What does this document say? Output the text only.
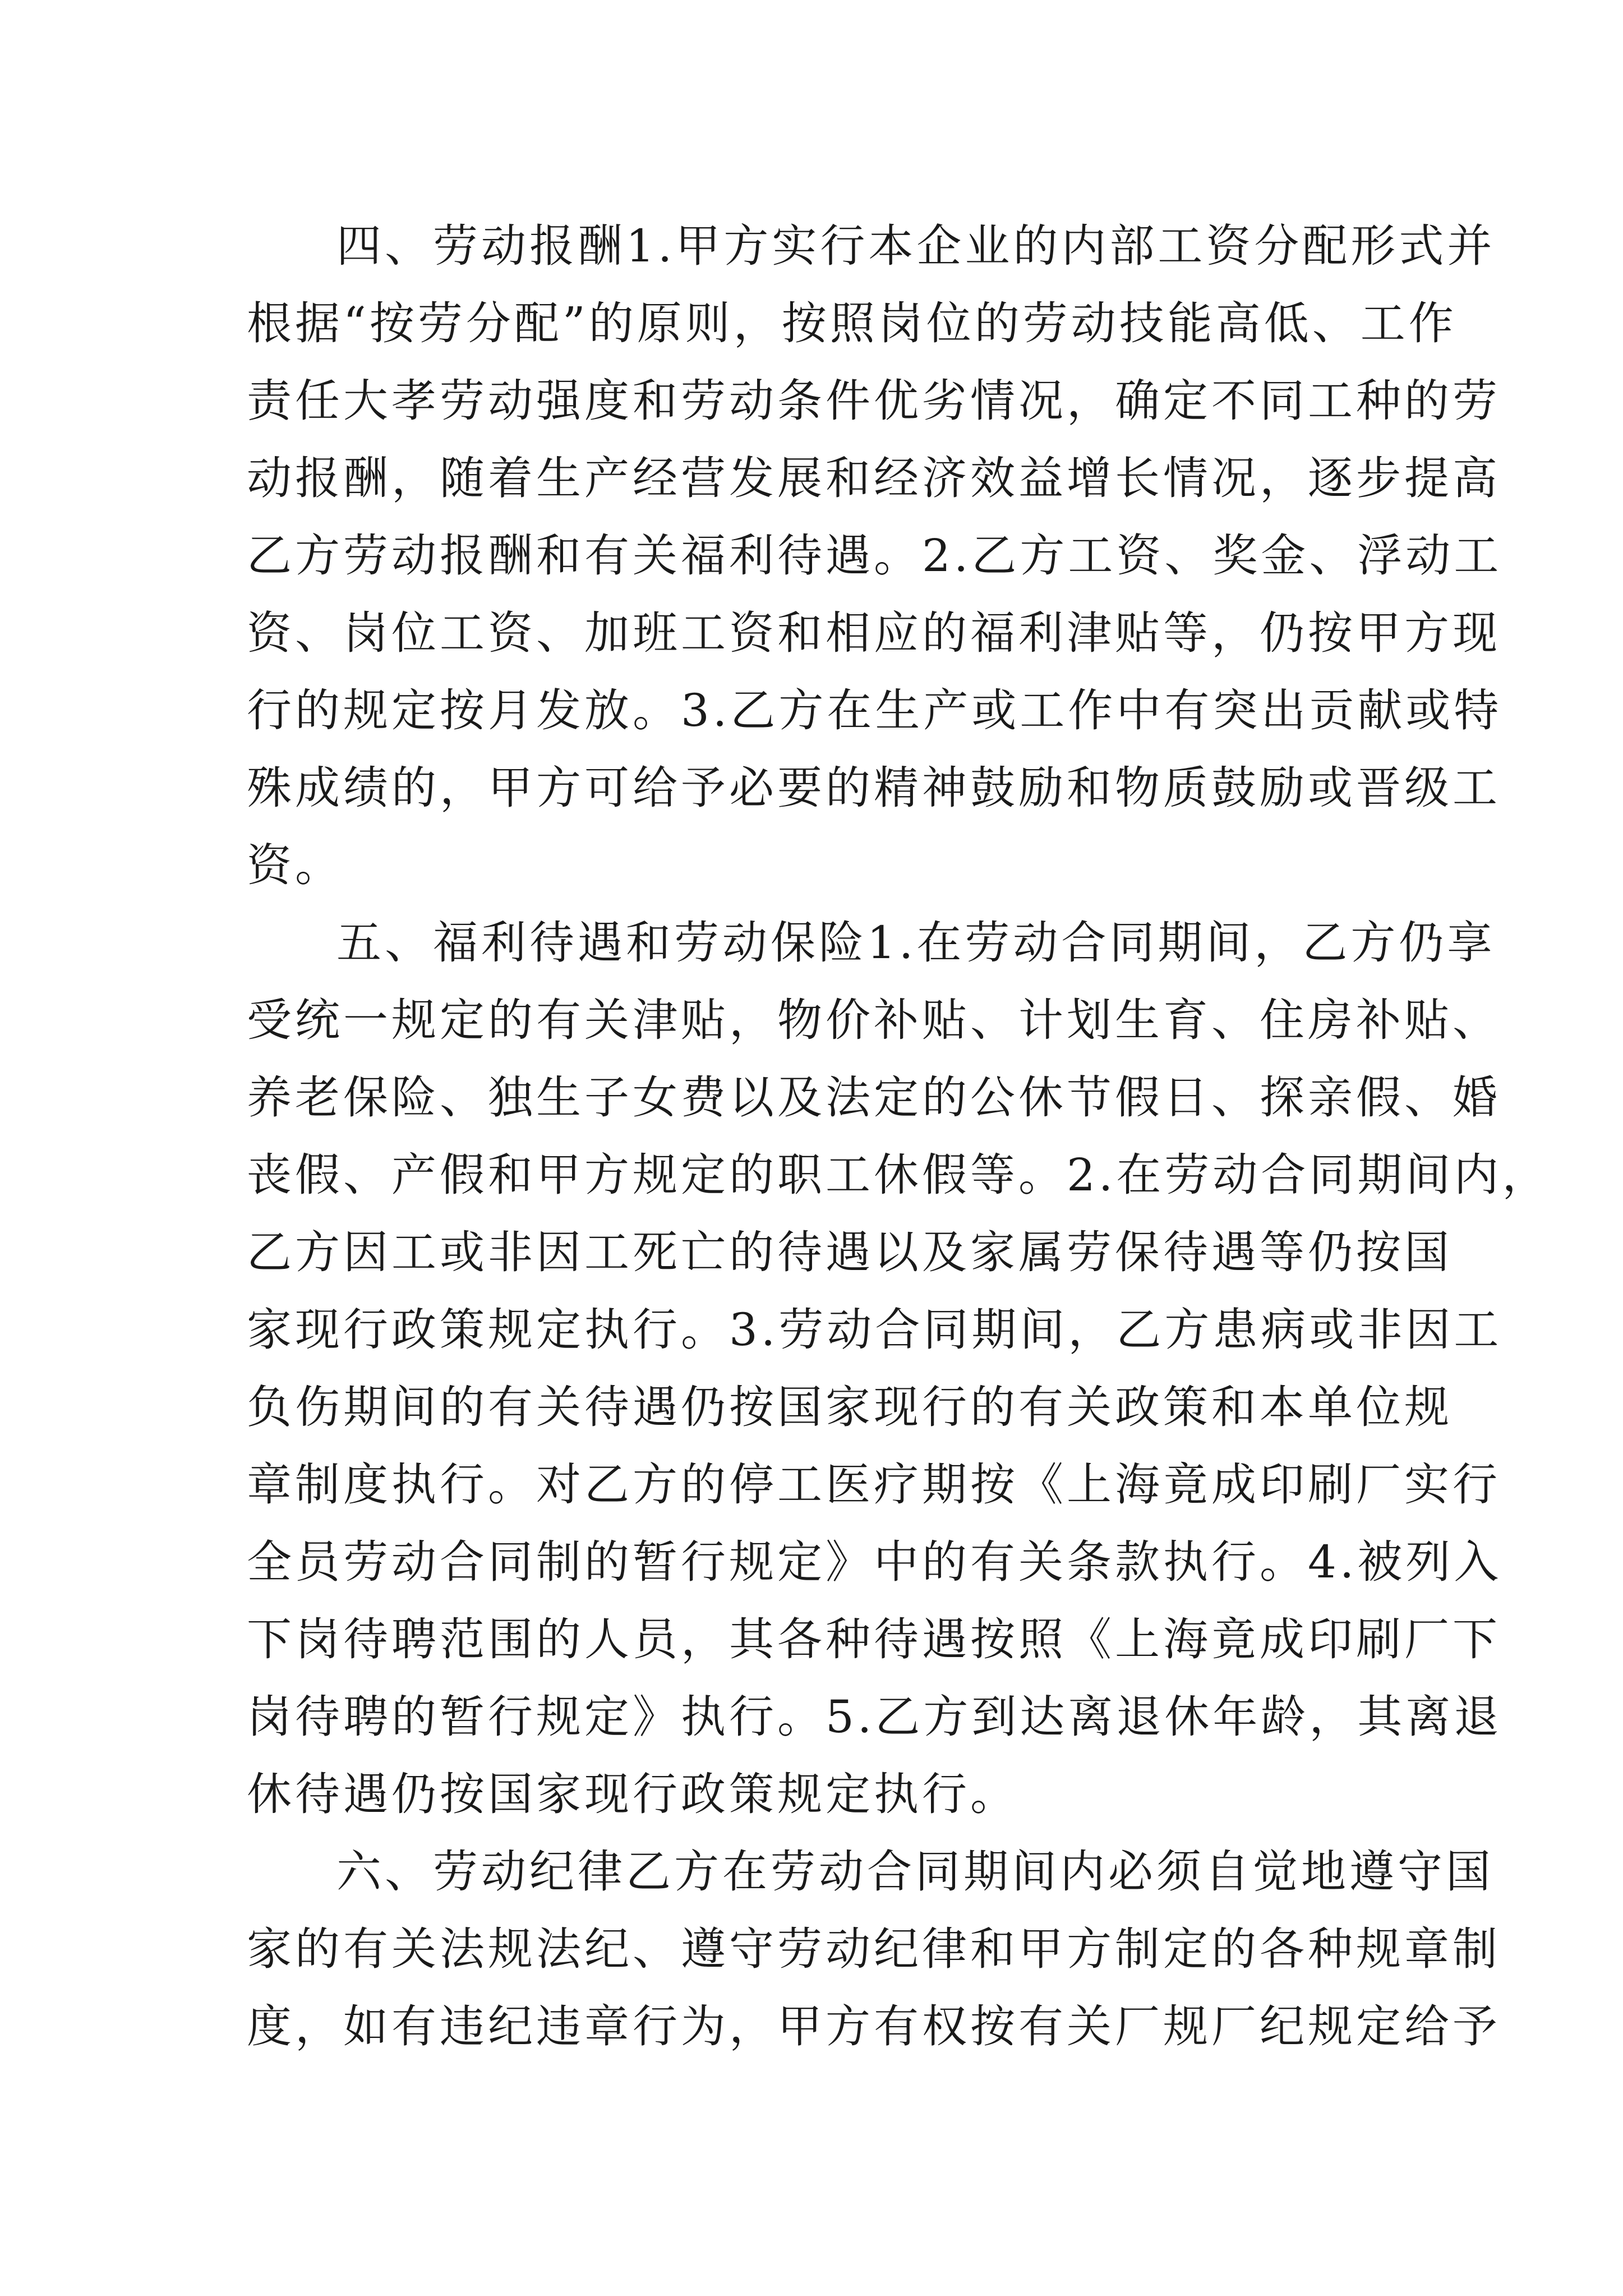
四、劳动报酬1.甲方实行本企业的内部工资分配形式并
根据“按劳分配”的原则，按照岗位的劳动技能高低、工作
责任大孝劳动强度和劳动条件优劣情况，确定不同工种的劳
动报酬，随着生产经营发展和经济效益增长情况，逐步提高
乙方劳动报酬和有关福利待遇。2.乙方工资、奖金、浮动工
资、岗位工资、加班工资和相应的福利津贴等，仍按甲方现
行的规定按月发放。3.乙方在生产或工作中有突出贡献或特
殊成绩的，甲方可给予必要的精神鼓励和物质鼓励或晋级工
资。
五、福利待遇和劳动保险1.在劳动合同期间，乙方仍享
受统一规定的有关津贴，物价补贴、计划生育、住房补贴、
养老保险、独生子女费以及法定的公休节假日、探亲假、婚
丧假、产假和甲方规定的职工休假等。2.在劳动合同期间内，
乙方因工或非因工死亡的待遇以及家属劳保待遇等仍按国
家现行政策规定执行。3.劳动合同期间，乙方患病或非因工
负伤期间的有关待遇仍按国家现行的有关政策和本单位规
章制度执行。对乙方的停工医疗期按《上海竟成印刷厂实行
全员劳动合同制的暂行规定》中的有关条款执行。4.被列入
下岗待聘范围的人员，其各种待遇按照《上海竟成印刷厂下
岗待聘的暂行规定》执行。5.乙方到达离退休年龄，其离退
休待遇仍按国家现行政策规定执行。
六、劳动纪律乙方在劳动合同期间内必须自觉地遵守国
家的有关法规法纪、遵守劳动纪律和甲方制定的各种规章制
度，如有违纪违章行为，甲方有权按有关厂规厂纪规定给予
